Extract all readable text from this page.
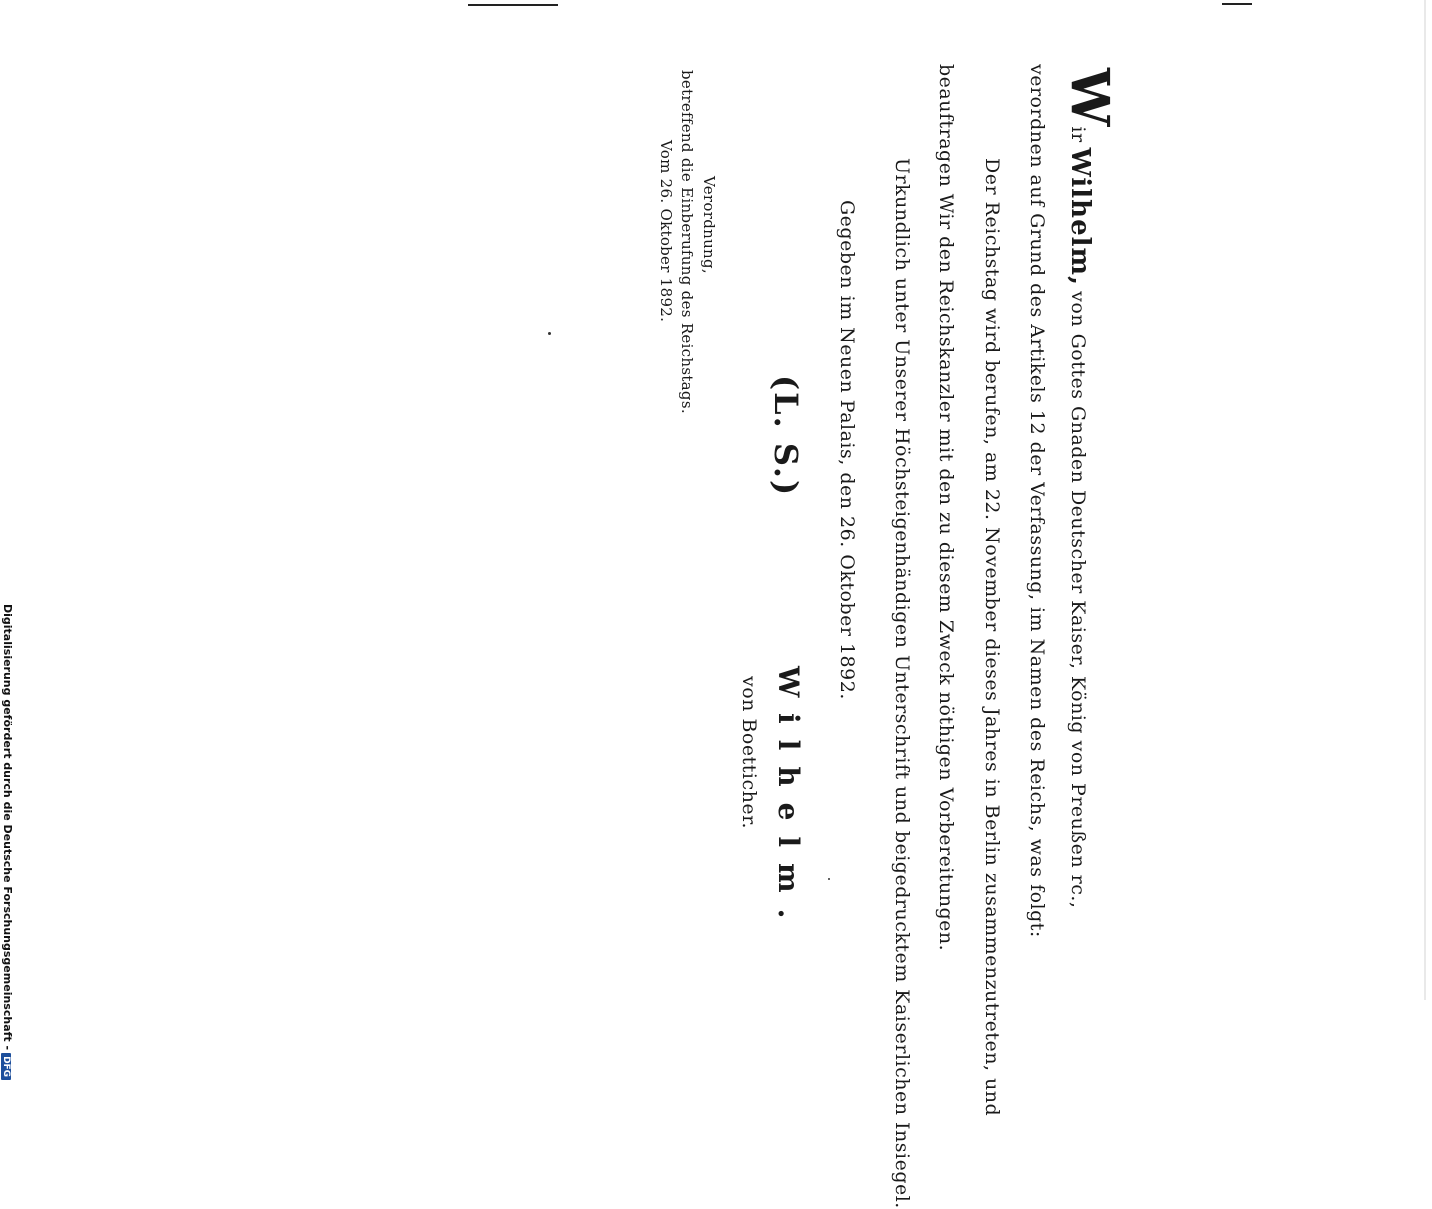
Wir Wilhelm, von Gottes Gnaden Deutscher Kaiser, König von Preußen rc.,
verordnen auf Grund des Artikels 12 der Verfassung, im Namen des Reichs, was folgt:
Der Reichstag wird berufen, am 22. November dieses Jahres in Berlin zusammenzutreten, und
beauftragen Wir den Reichskanzler mit den zu diesem Zweck nöthigen Vorbereitungen.
Urkundlich unter Unserer Höchsteigenhändigen Unterschrift und beigedrucktem Kaiserlichen Insiegel.
Gegeben im Neuen Palais, den 26. Oktober 1892.
(L. S.)
Wilhelm.
von Boetticher.
Verordnung,
betreffend die Einberufung des Reichstags.
Vom 26. Oktober 1892.
Digitalisierung gefördert durch die Deutsche Forschungsgemeinschaft -DFG
